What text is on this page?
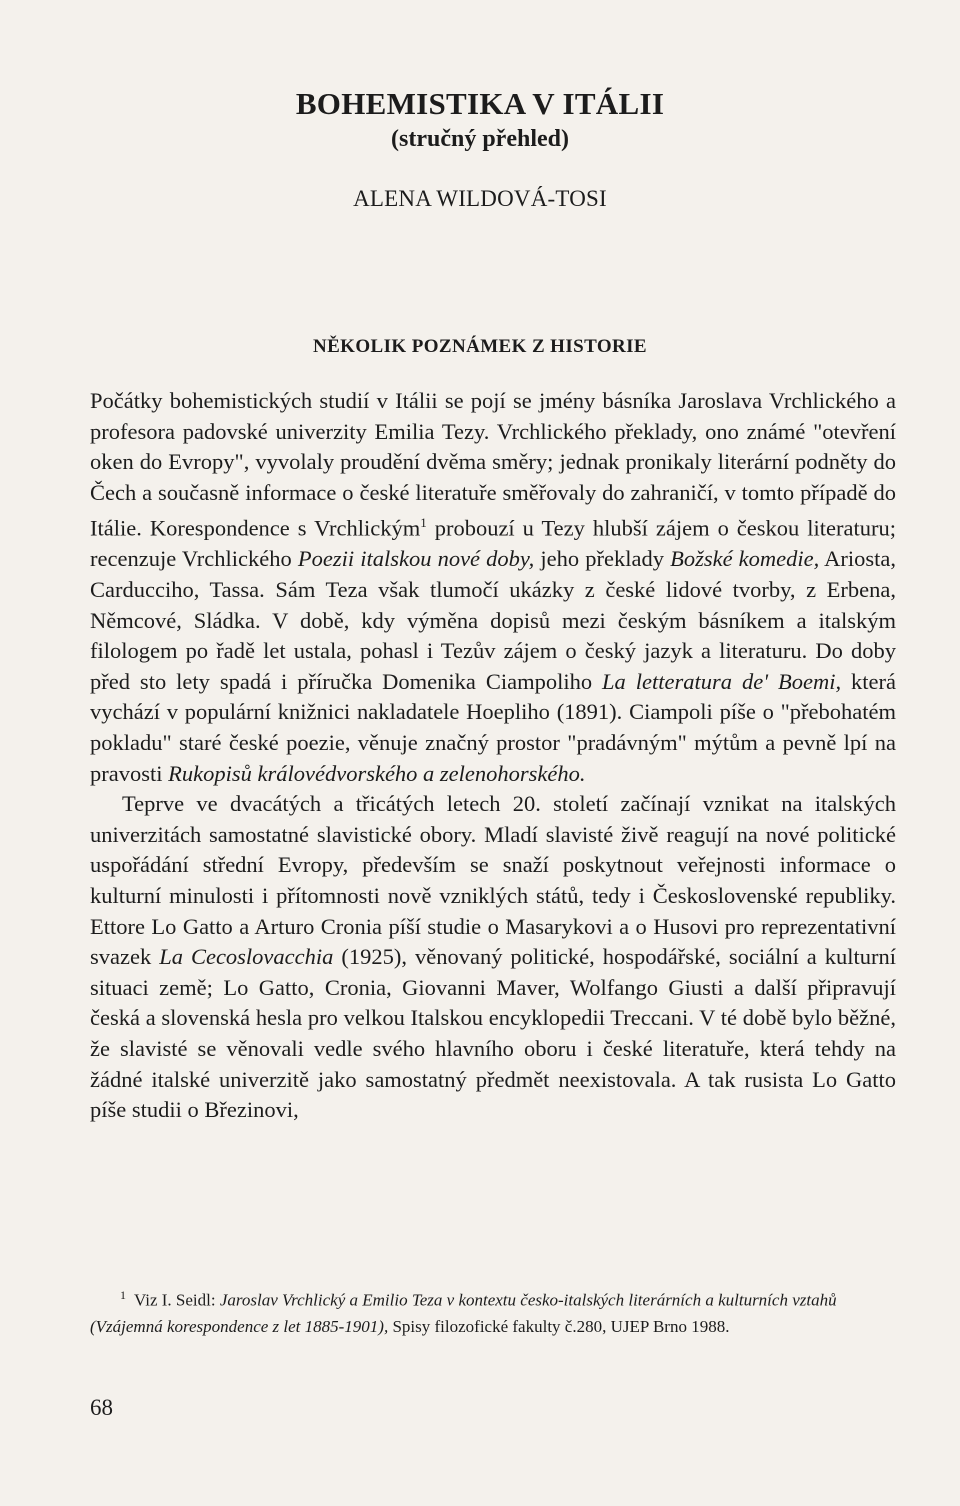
BOHEMISTIKA V ITÁLII
(stručný přehled)
ALENA WILDOVÁ-TOSI
NĚKOLIK POZNÁMEK Z HISTORIE

Počátky bohemistických studií v Itálii se pojí se jmény básníka Jaroslava Vrchlického a profesora padovské univerzity Emilia Tezy. Vrchlického překlady, ono známé "otevření oken do Evropy", vyvolaly proudění dvěma směry; jednak pronikaly literární podněty do Čech a současně informace o české literatuře směřovaly do zahraničí, v tomto případě do Itálie. Korespondence s Vrchlickým$^1$ probouzí u Tezy hlubší zájem o českou literaturu; recenzuje Vrchlického Poezii italskou nové doby, jeho překlady Božské komedie, Ariosta, Carducciho, Tassa. Sám Teza však tlumočí ukázky z české lidové tvorby, z Erbena, Němcové, Sládka. V době, kdy výměna dopisů mezi českým básníkem a italským filologem po řadě let ustala, pohasl i Tezův zájem o český jazyk a literaturu. Do doby před sto lety spadá i příručka Domenika Ciampoliho La letteratura de' Boemi, která vychází v populární knižnici nakladatele Hoepliho (1891). Ciampoli píše o "přebohatém pokladu" staré české poezie, věnuje značný prostor "pradávným" mýtům a pevně lpí na pravosti Rukopisů královédvorského a zelenohorského.

Teprve ve dvacátých a třicátých letech 20. století začínají vznikat na italských univerzitách samostatné slavistické obory. Mladí slavisté živě reagují na nové politické uspořádání střední Evropy, především se snaží poskytnout veřejnosti informace o kulturní minulosti i přítomnosti nově vzniklých států, tedy i Československé republiky. Ettore Lo Gatto a Arturo Cronia píší studie o Masarykovi a o Husovi pro reprezentativní svazek La Cecoslovacchia (1925), věnovaný politické, hospodářské, sociální a kulturní situaci země; Lo Gatto, Cronia, Giovanni Maver, Wolfango Giusti a další připravují česká a slovenská hesla pro velkou Italskou encyklopedii Treccani. V té době bylo běžné, že slavisté se věnovali vedle svého hlavního oboru i české literatuře, která tehdy na žádné italské univerzitě jako samostatný předmět neexistovala. A tak rusista Lo Gatto píše studii o Březinovi,

$^1$ Viz I. Seidl: Jaroslav Vrchlický a Emilio Teza v kontextu česko-italských literárních a kulturních vztahů (Vzájemná korespondence z let 1885-1901), Spisy filozofické fakulty č.280, UJEP Brno 1988.
68
